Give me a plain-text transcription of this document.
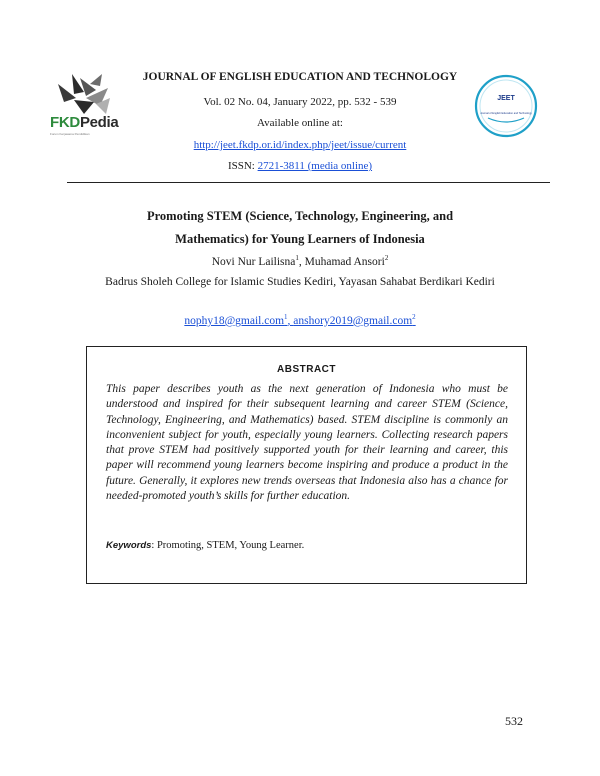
FKDPedia
Forum Kerjasama Pendidikan
JOURNAL OF ENGLISH EDUCATION AND TECHNOLOGY
Vol. 02 No. 04, January 2022, pp. 532 - 539
Available online at:
http://jeet.fkdp.or.id/index.php/jeet/issue/current
ISSN: 2721-3811 (media online)
JEET
Journal of English Education and Technology
Promoting STEM (Science, Technology, Engineering, and
Mathematics) for Young Learners of Indonesia
Novi Nur Lailisna$^1$, Muhamad Ansori$^2$
Badrus Sholeh College for Islamic Studies Kediri, Yayasan Sahabat Berdikari Kediri
nophy18@gmail.com$^1$, anshory2019@gmail.com$^2$
ABSTRACT
This paper describes youth as the next generation of Indonesia who must be understood and inspired for their subsequent learning and career STEM (Science, Technology, Engineering, and Mathematics) based. STEM discipline is commonly an inconvenient subject for youth, especially young learners. Collecting research papers that prove STEM had positively supported youth for their learning and career, this paper will recommend young learners become inspiring and produce a product in the future. Generally, it explores new trends overseas that Indonesia also has a chance for needed-promoted youth’s skills for further education.
Keywords: Promoting, STEM, Young Learner.
532
